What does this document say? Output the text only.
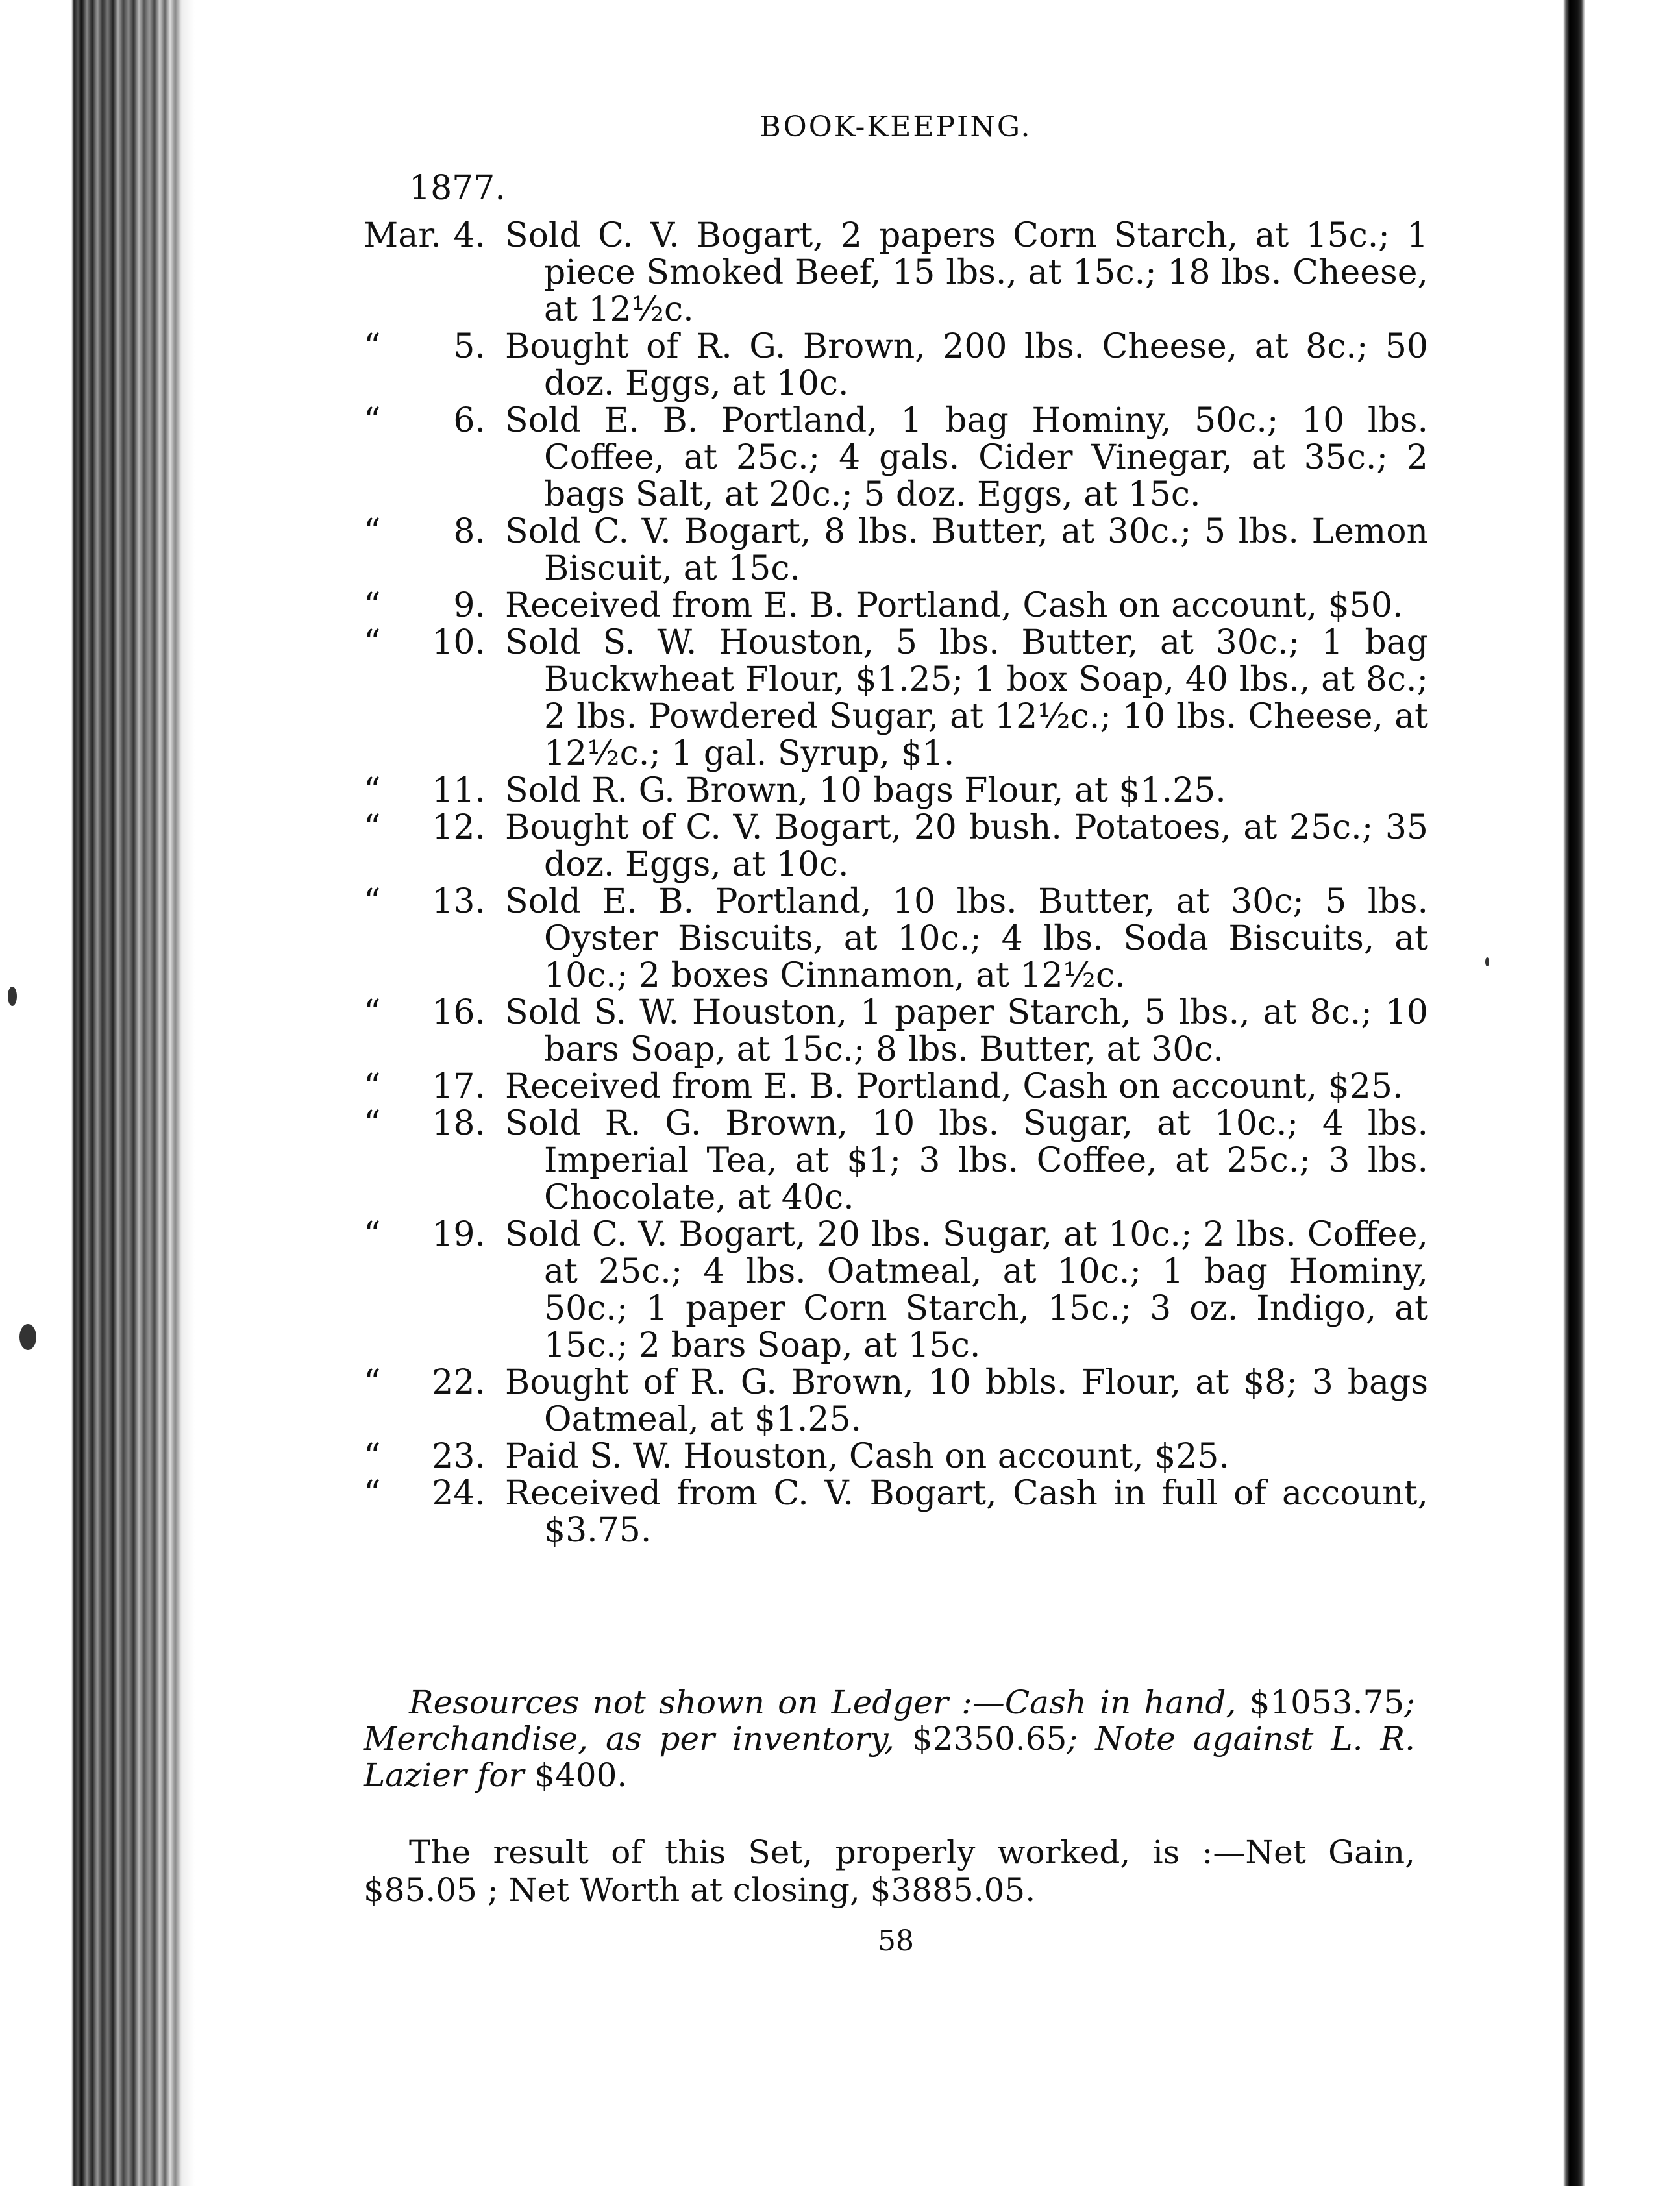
BOOK-KEEPING.
1877.
Mar. 4. Sold C. V. Bogart, 2 papers Corn Starch, at 15c.; 1 piece Smoked Beef, 15 lbs., at 15c.; 18 lbs. Cheese, at 12½c.
“	5. Bought of R. G. Brown, 200 lbs. Cheese, at 8c.; 50 doz. Eggs, at 10c.
“	6. Sold E. B. Portland, 1 bag Hominy, 50c.; 10 lbs. Coffee, at 25c.; 4 gals. Cider Vinegar, at 35c.; 2 bags Salt, at 20c.; 5 doz. Eggs, at 15c.
“	8. Sold C. V. Bogart, 8 lbs. Butter, at 30c.; 5 lbs. Lemon Biscuit, at 15c.
“	9. Received from E. B. Portland, Cash on account, $50.
“	10. Sold S. W. Houston, 5 lbs. Butter, at 30c.; 1 bag Buckwheat Flour, $1.25; 1 box Soap, 40 lbs., at 8c.; 2 lbs. Powdered Sugar, at 12½c.; 10 lbs. Cheese, at 12½c.; 1 gal. Syrup, $1.
“	11. Sold R. G. Brown, 10 bags Flour, at $1.25.
“	12. Bought of C. V. Bogart, 20 bush. Potatoes, at 25c.; 35 doz. Eggs, at 10c.
“	13. Sold E. B. Portland, 10 lbs. Butter, at 30c; 5 lbs. Oyster Biscuits, at 10c.; 4 lbs. Soda Biscuits, at 10c.; 2 boxes Cinnamon, at 12½c.
“	16. Sold S. W. Houston, 1 paper Starch, 5 lbs., at 8c.; 10 bars Soap, at 15c.; 8 lbs. Butter, at 30c.
“	17. Received from E. B. Portland, Cash on account, $25.
“	18. Sold R. G. Brown, 10 lbs. Sugar, at 10c.; 4 lbs. Imperial Tea, at $1; 3 lbs. Coffee, at 25c.; 3 lbs. Chocolate, at 40c.
“	19. Sold C. V. Bogart, 20 lbs. Sugar, at 10c.; 2 lbs. Coffee, at 25c.; 4 lbs. Oatmeal, at 10c.; 1 bag Hominy, 50c.; 1 paper Corn Starch, 15c.; 3 oz. Indigo, at 15c.; 2 bars Soap, at 15c.
“	22. Bought of R. G. Brown, 10 bbls. Flour, at $8; 3 bags Oatmeal, at $1.25.
“	23. Paid S. W. Houston, Cash on account, $25.
“	24. Received from C. V. Bogart, Cash in full of account, $3.75.
Resources not shown on Ledger :—Cash in hand, $1053.75; Merchandise, as per inventory, $2350.65; Note against L. R. Lazier for $400.
The result of this Set, properly worked, is :—Net Gain, $85.05 ; Net Worth at closing, $3885.05.
58
